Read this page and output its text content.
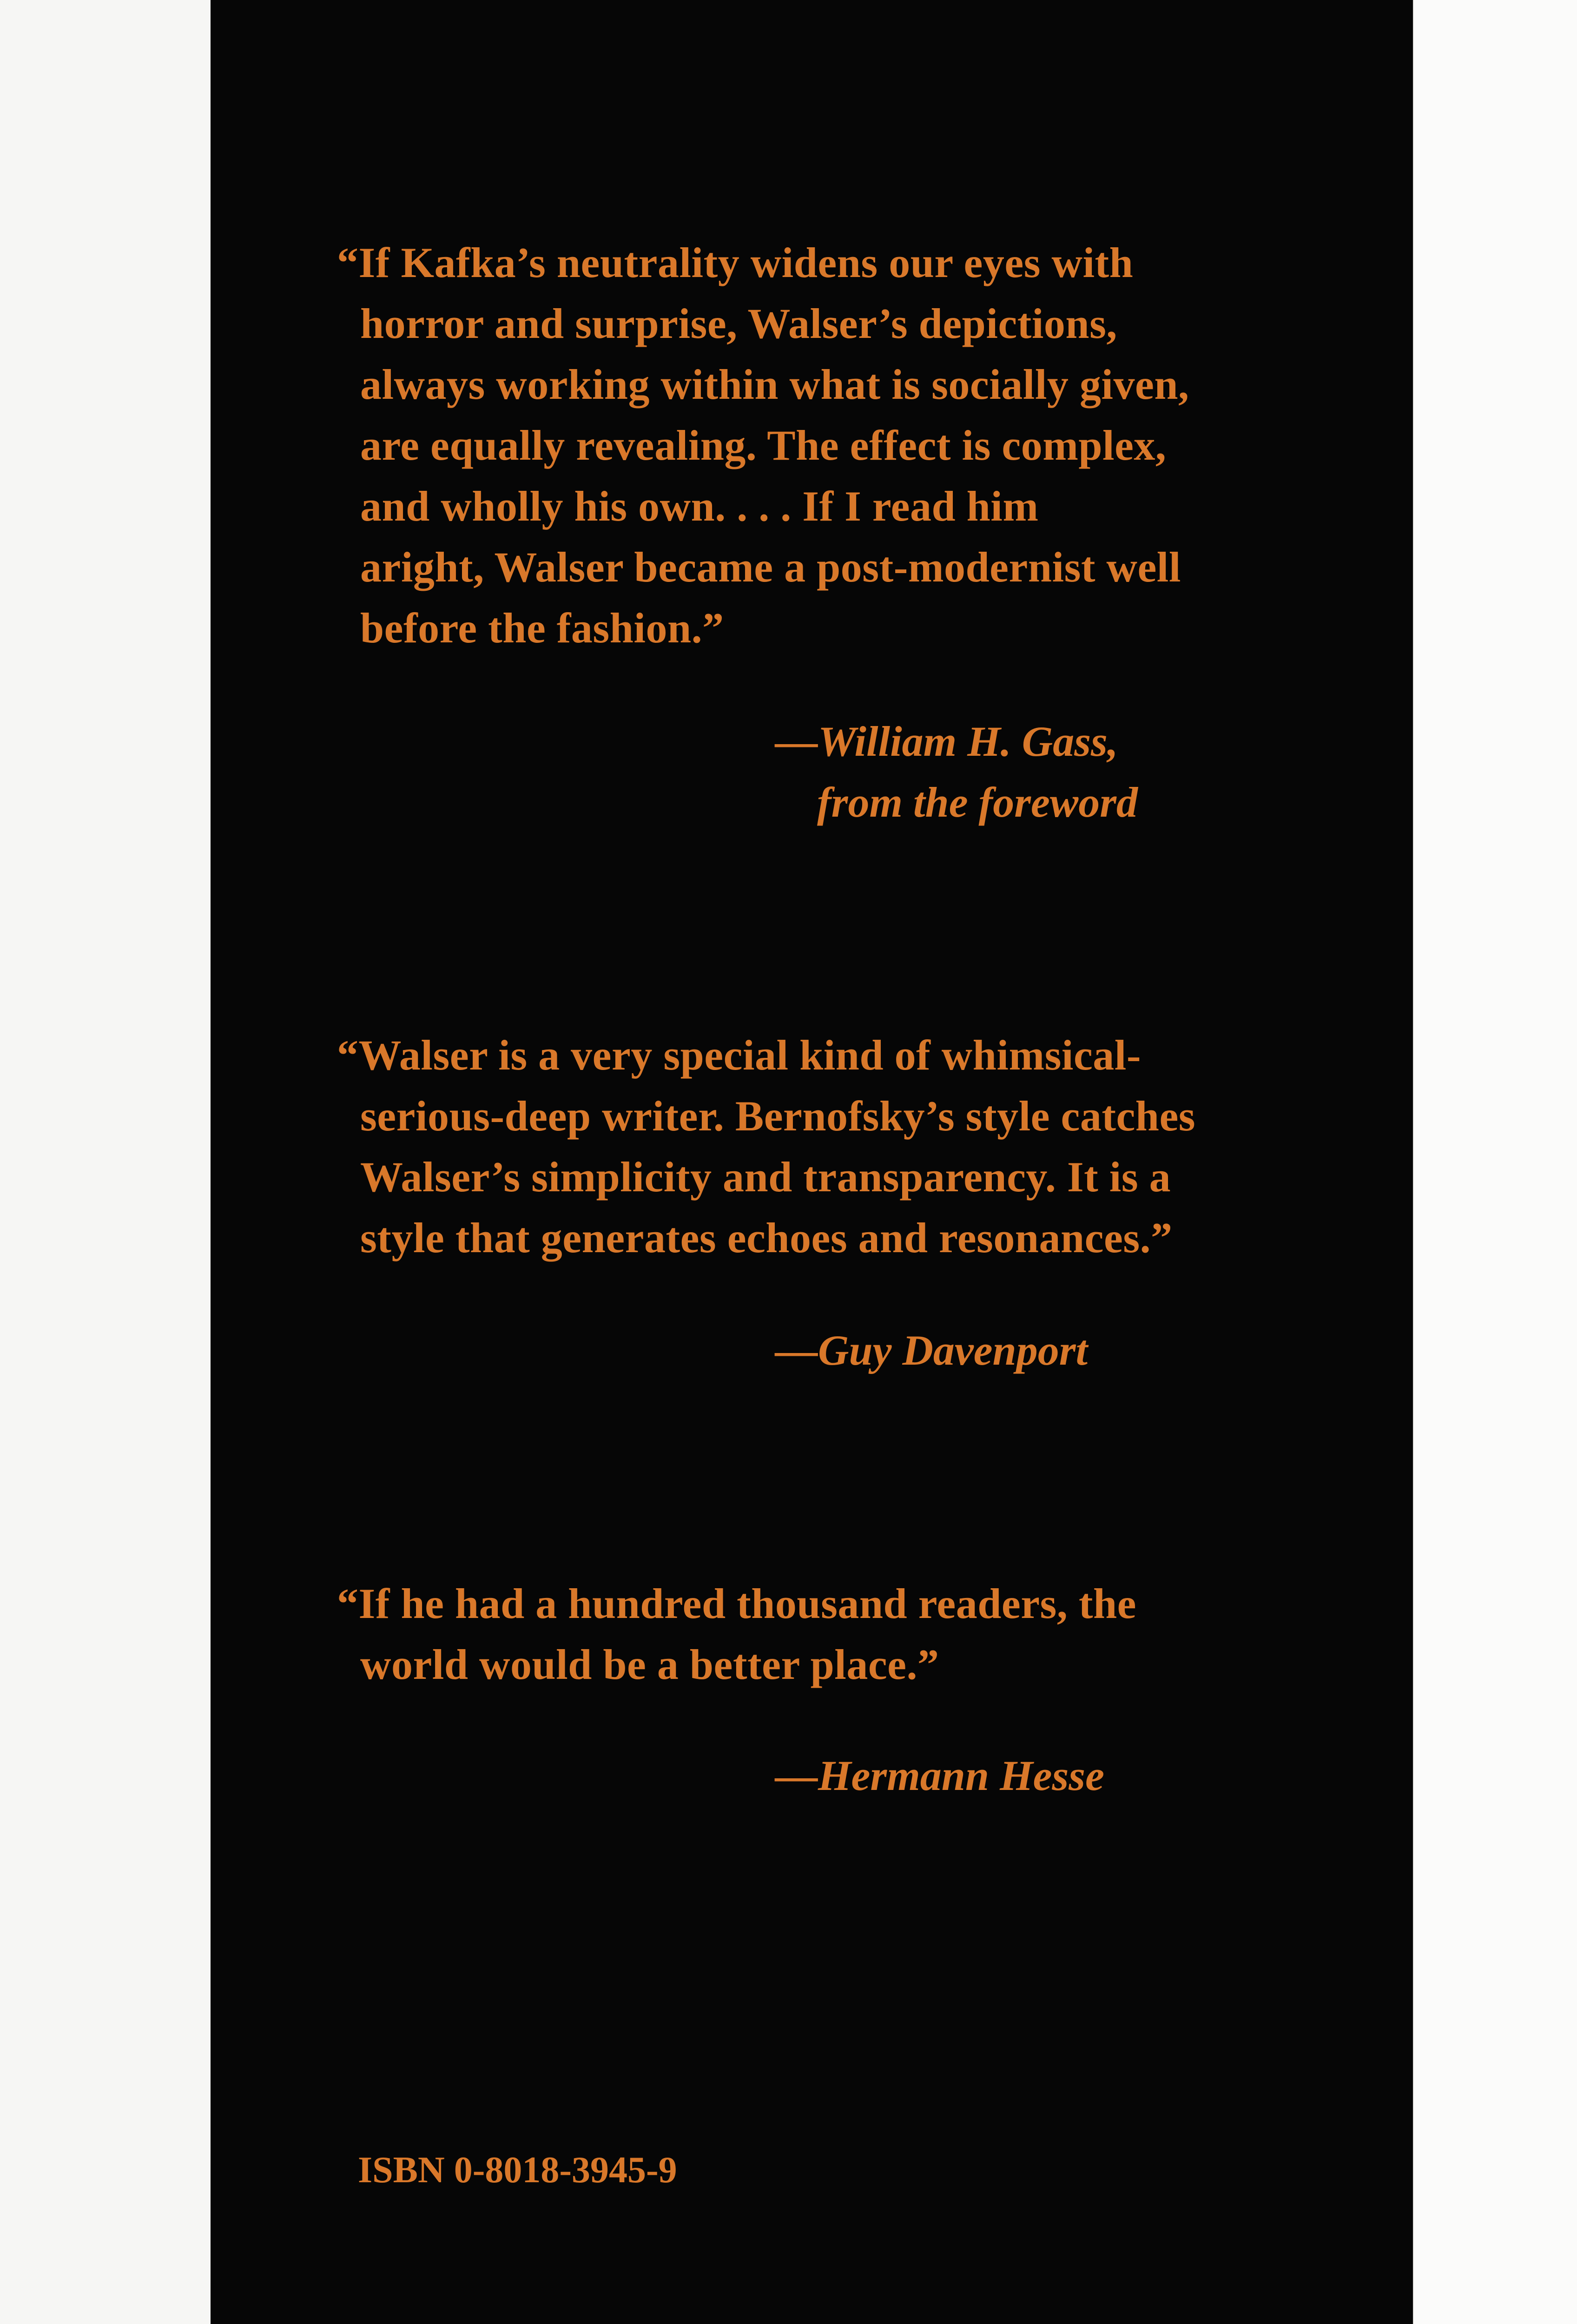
“If Kafka’s neutrality widens our eyes with
horror and surprise, Walser’s depictions,
always working within what is socially given,
are equally revealing. The effect is complex,
and wholly his own. . . . If I read him
aright, Walser became a post-modernist well
before the fashion.”
—William H. Gass,
from the foreword
“Walser is a very special kind of whimsical-
serious-deep writer. Bernofsky’s style catches
Walser’s simplicity and transparency. It is a
style that generates echoes and resonances.”
—Guy Davenport
“If he had a hundred thousand readers, the
world would be a better place.”
—Hermann Hesse
ISBN 0-8018-3945-9
